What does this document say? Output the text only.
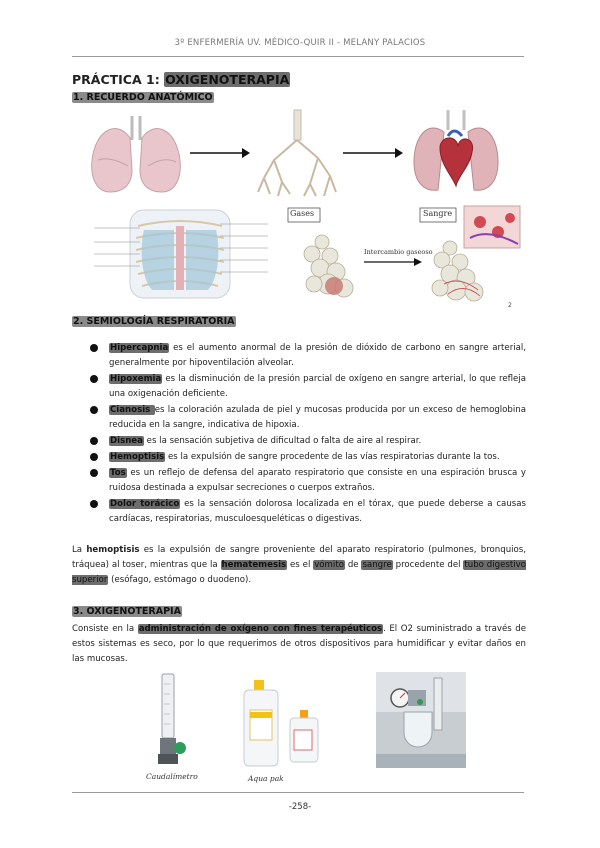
3º ENFERMERÍA UV. MÉDICO-QUIR II - MELANY PALACIOS
PRÁCTICA 1: OXIGENOTERAPIA
1. RECUERDO ANATÓMICO
Gases	Sangre
Intercambio gaseoso
2
2. SEMIOLOGÍA RESPIRATORIA
Hipercapnia es el aumento anormal de la presión de dióxido de carbono en sangre arterial, generalmente por hipoventilación alveolar.
Hipoxemia es la disminución de la presión parcial de oxígeno en sangre arterial, lo que refleja una oxigenación deficiente.
Cianosis es la coloración azulada de piel y mucosas producida por un exceso de hemoglobina reducida en la sangre, indicativa de hipoxia.
Disnea es la sensación subjetiva de dificultad o falta de aire al respirar.
Hemoptisis es la expulsión de sangre procedente de las vías respiratorias durante la tos.
Tos es un reflejo de defensa del aparato respiratorio que consiste en una espiración brusca y ruidosa destinada a expulsar secreciones o cuerpos extraños.
Dolor torácico es la sensación dolorosa localizada en el tórax, que puede deberse a causas cardíacas, respiratorias, musculoesqueléticas o digestivas.
La hemoptisis es la expulsión de sangre proveniente del aparato respiratorio (pulmones, bronquios, tráquea) al toser, mientras que la hematemesis es el vómito de sangre procedente del tubo digestivo superior (esófago, estómago o duodeno).
3. OXIGENOTERAPIA
Consiste en la administración de oxígeno con fines terapéuticos. El O2 suministrado a través de estos sistemas es seco, por lo que requerimos de otros dispositivos para humidificar y evitar daños en las mucosas.
Caudalímetro	Aqua pak
-258-
